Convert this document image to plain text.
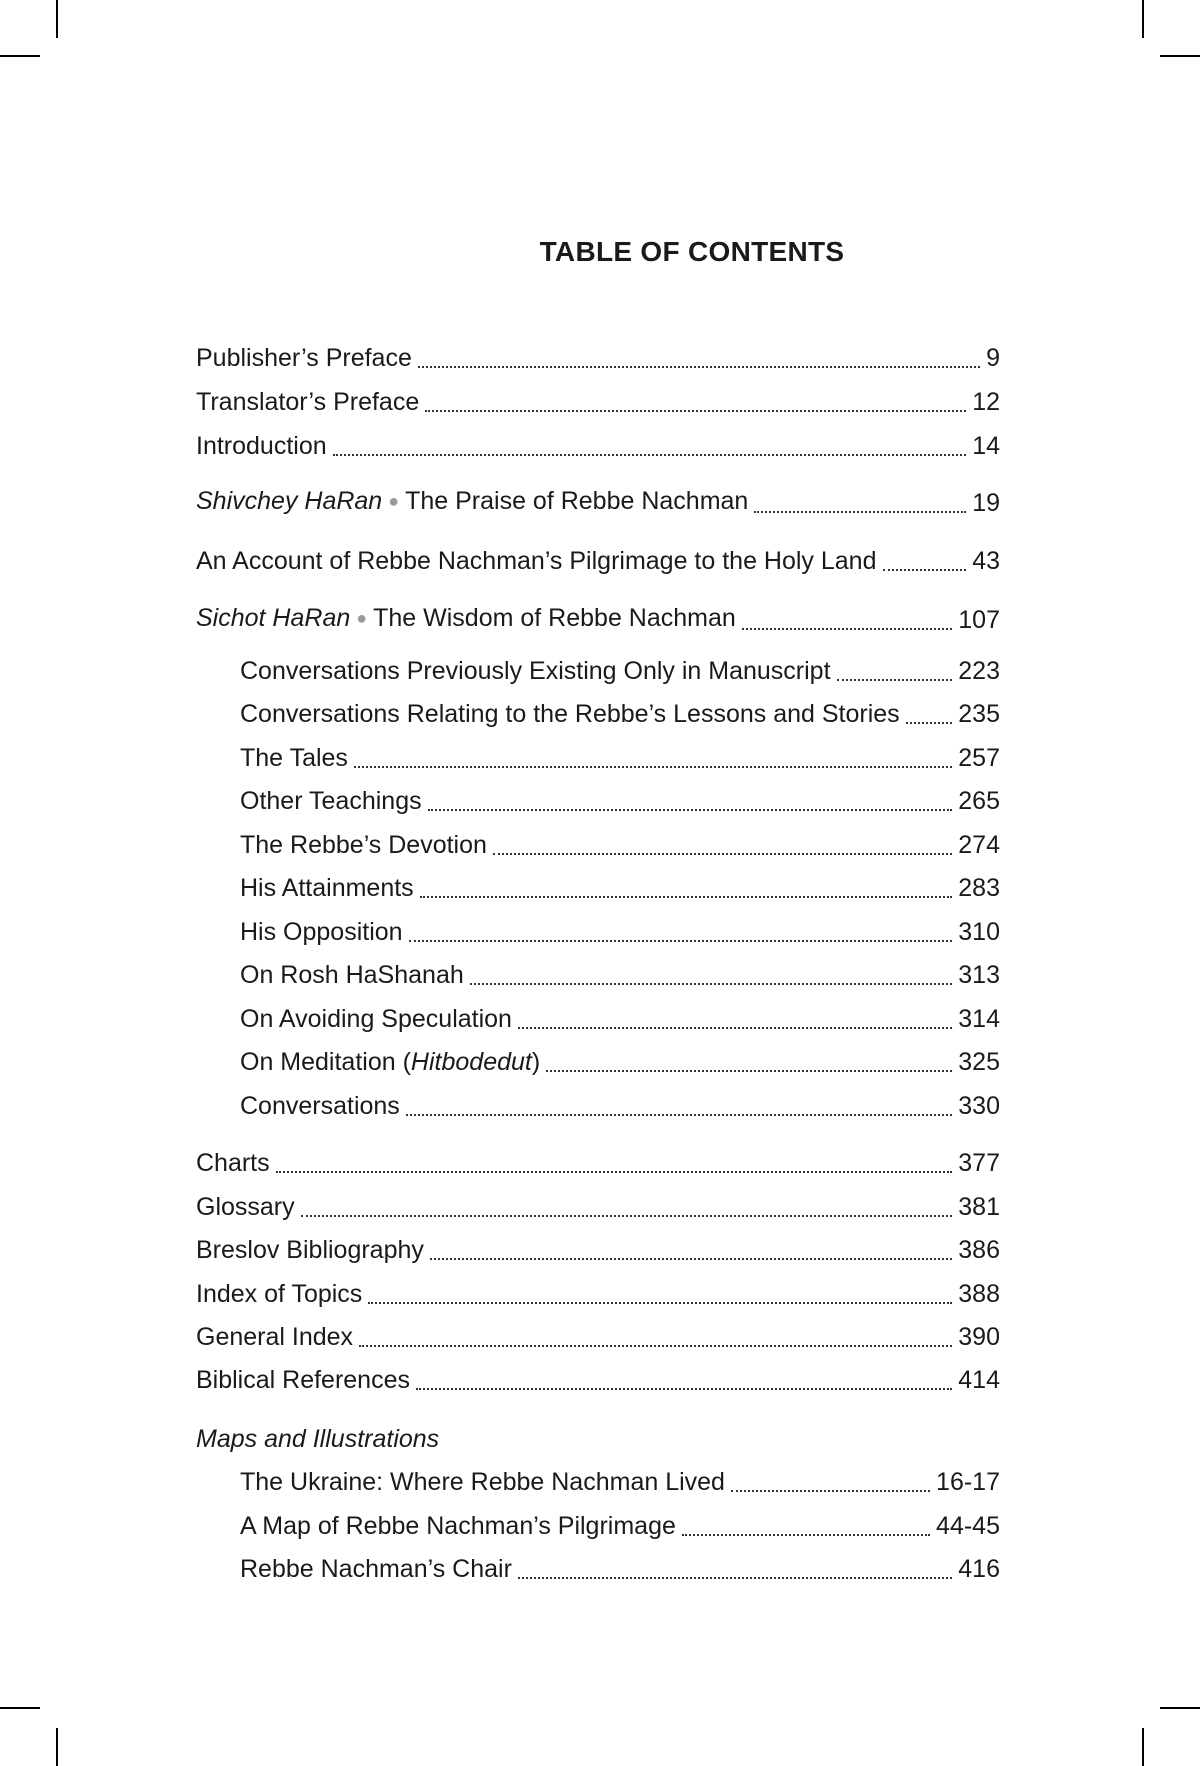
TABLE OF CONTENTS
Publisher’s Preface	9
Translator’s Preface	12
Introduction	14
Shivchey HaRan ● The Praise of Rebbe Nachman	19
An Account of Rebbe Nachman’s Pilgrimage to the Holy Land	43
Sichot HaRan ● The Wisdom of Rebbe Nachman	107
Conversations Previously Existing Only in Manuscript	223
Conversations Relating to the Rebbe’s Lessons and Stories 235
The Tales	257
Other Teachings	265
The Rebbe’s Devotion	274
His Attainments	283
His Opposition	310
On Rosh HaShanah	313
On Avoiding Speculation	314
On Meditation (Hitbodedut)	325
Conversations	330
Charts	377
Glossary	381
Breslov Bibliography	386
Index of Topics	388
General Index	390
Biblical References	414
Maps and Illustrations
The Ukraine: Where Rebbe Nachman Lived	16-17
A Map of Rebbe Nachman’s Pilgrimage	44-45
Rebbe Nachman’s Chair	416
